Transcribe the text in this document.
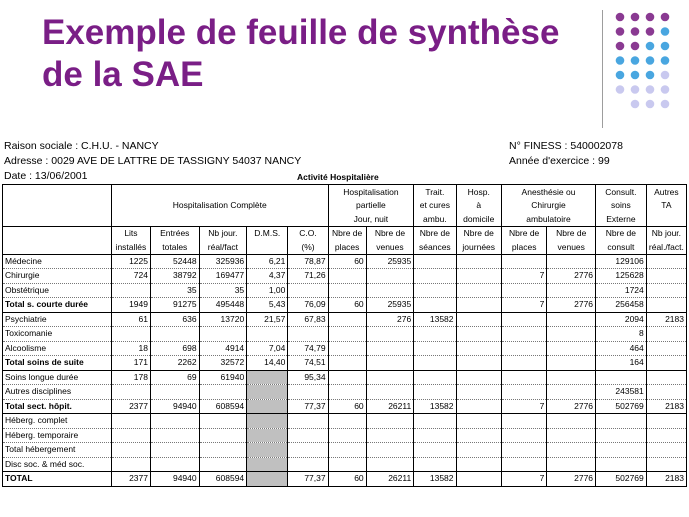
Exemple de feuille de synthèse de la SAE
Raison sociale : C.H.U. - NANCY
Adresse : 0029 AVE DE LATTRE DE TASSIGNY 54037 NANCY
Date : 13/06/2001
N° FINESS : 540002078
Année d'exercice : 99
Activité Hospitalière
	Hospitalisation Complète					Hospitalisation		Trait.	Hosp.	Anesthésie ou		Consult.	Autres
						partielle		et cures	à	Chirurgie		soins	TA
						Jour, nuit		ambu.	domicile	ambulatoire		Externe	
	Lits	Entrées	Nb jour.	D.M.S.	C.O.	Nbre de	Nbre de	Nbre de	Nbre de	Nbre de	Nbre de	Nbre de	Nb jour.
	installés	totales	réal/fact		(%)	places	venues	séances	journées	places	venues	consult	réal./fact.
Médecine	1225	52448	325936	6,21	78,87	60	25935					129106	
Chirurgie	724	38792	169477	4,37	71,26					7	2776	125628	
Obstétrique		35	35	1,00								1724	
Total s. courte durée	1949	91275	495448	5,43	76,09	60	25935			7	2776	256458	
Psychiatrie	61	636	13720	21,57	67,83		276	13582				2094	2183
Toxicomanie												8	
Alcoolisme	18	698	4914	7,04	74,79							464	
Total soins de suite	171	2262	32572	14,40	74,51							164	
Soins longue durée	178	69	61940		95,34								
Autres disciplines												243581	
Total sect. hôpit.	2377	94940	608594		77,37	60	26211	13582		7	2776	502769	2183
Héberg. complet													
Héberg. temporaire													
Total hébergement													
Disc soc. & méd soc.													
TOTAL	2377	94940	608594		77,37	60	26211	13582		7	2776	502769	2183
